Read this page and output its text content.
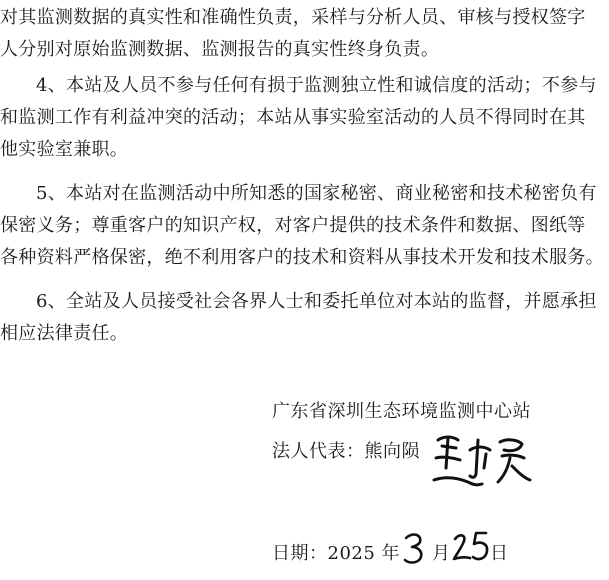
对其监测数据的真实性和准确性负责，采样与分析人员、审核与授权签字
人分别对原始监测数据、监测报告的真实性终身负责。

4、本站及人员不参与任何有损于监测独立性和诚信度的活动；不参与
和监测工作有利益冲突的活动；本站从事实验室活动的人员不得同时在其
他实验室兼职。

5、本站对在监测活动中所知悉的国家秘密、商业秘密和技术秘密负有
保密义务；尊重客户的知识产权，对客户提供的技术条件和数据、图纸等
各种资料严格保密，绝不利用客户的技术和资料从事技术开发和技术服务。

6、全站及人员接受社会各界人士和委托单位对本站的监督，并愿承担
相应法律责任。

广东省深圳生态环境监测中心站
法人代表：熊向陨
日期：2025 年 月 日
